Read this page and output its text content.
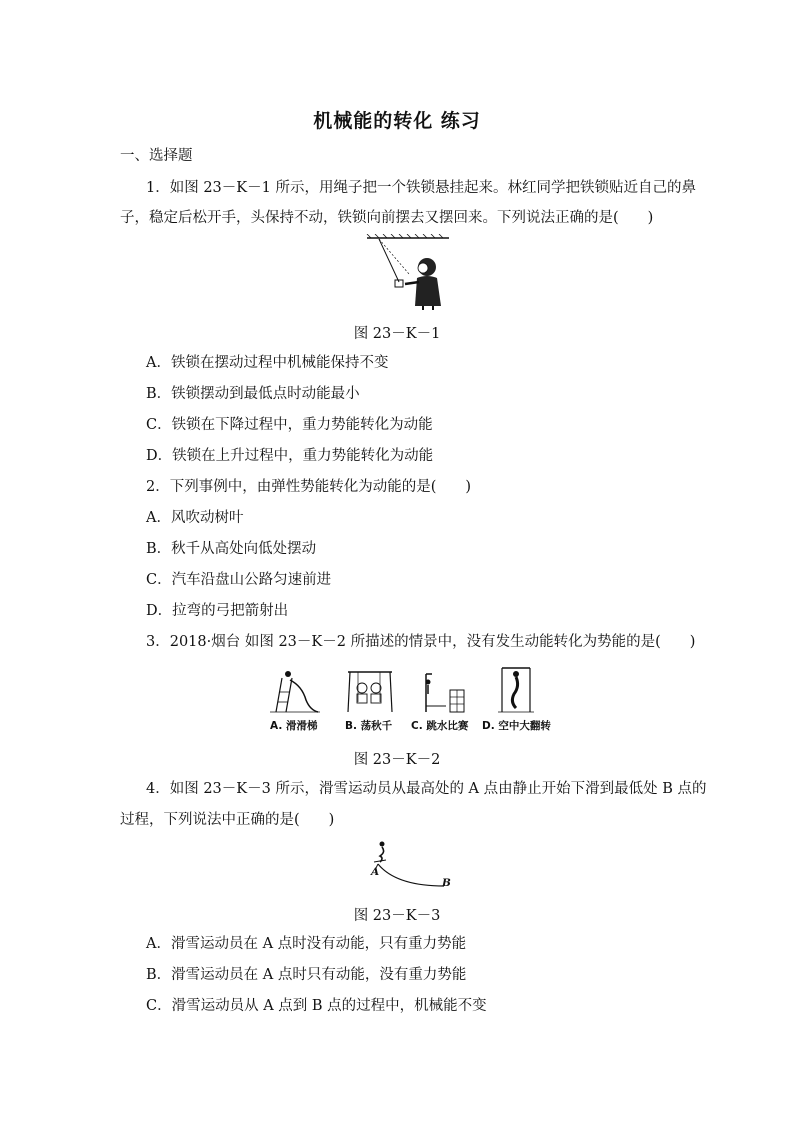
机械能的转化 练习
一、选择题
1．如图 23－K－1 所示，用绳子把一个铁锁悬挂起来。林红同学把铁锁贴近自己的鼻
子，稳定后松开手，头保持不动，铁锁向前摆去又摆回来。下列说法正确的是(　　)
图 23－K－1
A．铁锁在摆动过程中机械能保持不变
B．铁锁摆动到最低点时动能最小
C．铁锁在下降过程中，重力势能转化为动能
D．铁锁在上升过程中，重力势能转化为动能
2．下列事例中，由弹性势能转化为动能的是(　　)
A．风吹动树叶
B．秋千从高处向低处摆动
C．汽车沿盘山公路匀速前进
D．拉弯的弓把箭射出
3．2018·烟台 如图 23－K－2 所描述的情景中，没有发生动能转化为势能的是(　　)
A. 滑滑梯	B. 荡秋千 C. 跳水比赛 D. 空中大翻转
图 23－K－2
4．如图 23－K－3 所示，滑雪运动员从最高处的 A 点由静止开始下滑到最低处 B 点的
过程，下列说法中正确的是(　　)
A
B
图 23－K－3
A．滑雪运动员在 A 点时没有动能，只有重力势能
B．滑雪运动员在 A 点时只有动能，没有重力势能
C．滑雪运动员从 A 点到 B 点的过程中，机械能不变
